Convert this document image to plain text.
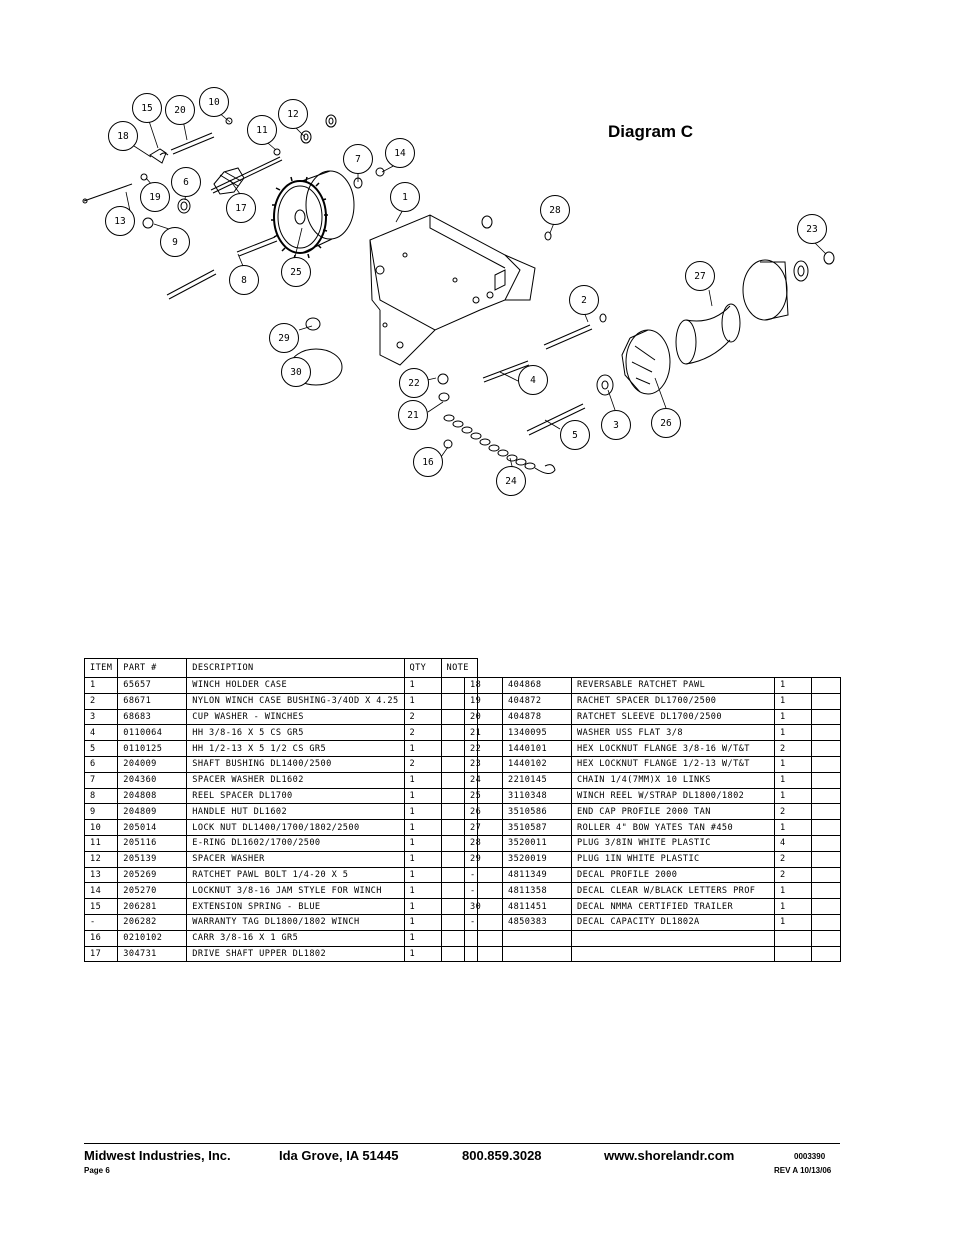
Diagram C
15	20
10
18
12
11
7
14
6
19
17
13
9
1
28
23
8
25	27
2
29
30
22	4
21
3	26
5
16
24
ITEM	PART #	DESCRIPTION	QTY	NOTE
1	65657	WINCH HOLDER CASE	1	
2	68671	NYLON WINCH CASE BUSHING-3/4OD X 4.25	1	
3	68683	CUP WASHER - WINCHES	2	
4	0110064	HH 3/8-16 X 5 CS GR5	2	
5	0110125	HH 1/2-13 X 5 1/2 CS GR5	1	
6	204009	SHAFT BUSHING DL1400/2500	2	
7	204360	SPACER WASHER DL1602	1	
8	204808	REEL SPACER DL1700	1	
9	204809	HANDLE HUT DL1602	1	
10	205014	LOCK NUT DL1400/1700/1802/2500	1	
11	205116	E-RING DL1602/1700/2500	1	
12	205139	SPACER WASHER	1	
13	205269	RATCHET PAWL BOLT 1/4-20 X 5	1	
14	205270	LOCKNUT 3/8-16 JAM STYLE FOR WINCH	1	
15	206281	EXTENSION SPRING - BLUE	1	
-	206282	WARRANTY TAG DL1800/1802 WINCH	1	
16	0210102	CARR 3/8-16 X 1 GR5	1	
17	304731	DRIVE SHAFT UPPER DL1802	1	
18	404868	REVERSABLE RATCHET PAWL	1	
19	404872	RACHET SPACER DL1700/2500	1	
20	404878	RATCHET SLEEVE DL1700/2500	1	
21	1340095	WASHER USS FLAT 3/8	1	
22	1440101	HEX LOCKNUT FLANGE 3/8-16 W/T&T	2	
23	1440102	HEX LOCKNUT FLANGE 1/2-13 W/T&T	1	
24	2210145	CHAIN 1/4(7MM)X 10 LINKS	1	
25	3110348	WINCH REEL W/STRAP DL1800/1802	1	
26	3510586	END CAP PROFILE 2000 TAN	2	
27	3510587	ROLLER 4" BOW YATES TAN #450	1	
28	3520011	PLUG 3/8IN WHITE PLASTIC	4	
29	3520019	PLUG 1IN WHITE PLASTIC	2	
-	4811349	DECAL PROFILE 2000	2	
-	4811358	DECAL CLEAR W/BLACK LETTERS PROF	1	
30	4811451	DECAL NMMA CERTIFIED TRAILER	1	
-	4850383	DECAL CAPACITY DL1802A	1	

Midwest Industries, Inc.	Ida Grove, IA 51445	800.859.3028	www.shorelandr.com	0003390
Page 6	REV A 10/13/06
